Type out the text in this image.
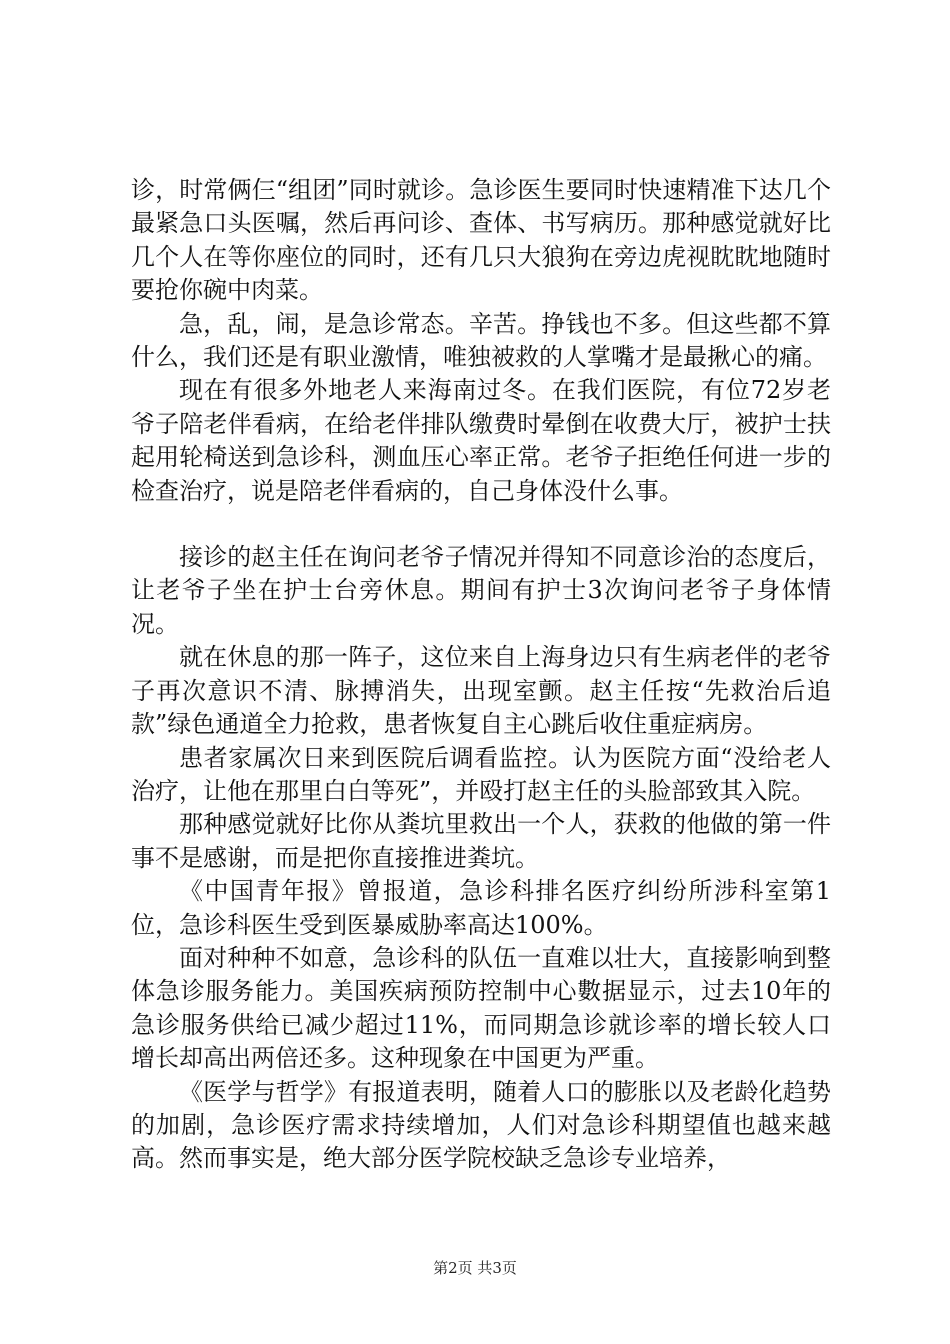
诊，时常俩仨“组团”同时就诊。急诊医生要同时快速精准下达几个最紧急口头医嘱，然后再问诊、查体、书写病历。那种感觉就好比几个人在等你座位的同时，还有几只大狼狗在旁边虎视眈眈地随时要抢你碗中肉菜。

急，乱，闹，是急诊常态。辛苦。挣钱也不多。但这些都不算什么，我们还是有职业激情，唯独被救的人掌嘴才是最揪心的痛。

现在有很多外地老人来海南过冬。在我们医院，有位72岁老爷子陪老伴看病，在给老伴排队缴费时晕倒在收费大厅，被护士扶起用轮椅送到急诊科，测血压心率正常。老爷子拒绝任何进一步的检查治疗，说是陪老伴看病的，自己身体没什么事。

接诊的赵主任在询问老爷子情况并得知不同意诊治的态度后，让老爷子坐在护士台旁休息。期间有护士3次询问老爷子身体情况。

就在休息的那一阵子，这位来自上海身边只有生病老伴的老爷子再次意识不清、脉搏消失，出现室颤。赵主任按“先救治后追款”绿色通道全力抢救，患者恢复自主心跳后收住重症病房。

患者家属次日来到医院后调看监控。认为医院方面“没给老人治疗，让他在那里白白等死”，并殴打赵主任的头脸部致其入院。

那种感觉就好比你从粪坑里救出一个人，获救的他做的第一件事不是感谢，而是把你直接推进粪坑。

《中国青年报》曾报道，急诊科排名医疗纠纷所涉科室第1位，急诊科医生受到医暴威胁率高达100%。

面对种种不如意，急诊科的队伍一直难以壮大，直接影响到整体急诊服务能力。美国疾病预防控制中心數据显示，过去10年的急诊服务供给已减少超过11%，而同期急诊就诊率的增长较人口增长却高出两倍还多。这种现象在中国更为严重。

《医学与哲学》有报道表明，随着人口的膨胀以及老龄化趋势的加剧，急诊医疗需求持续增加，人们对急诊科期望值也越来越高。然而事实是，绝大部分医学院校缺乏急诊专业培养，

第2页 共3页
